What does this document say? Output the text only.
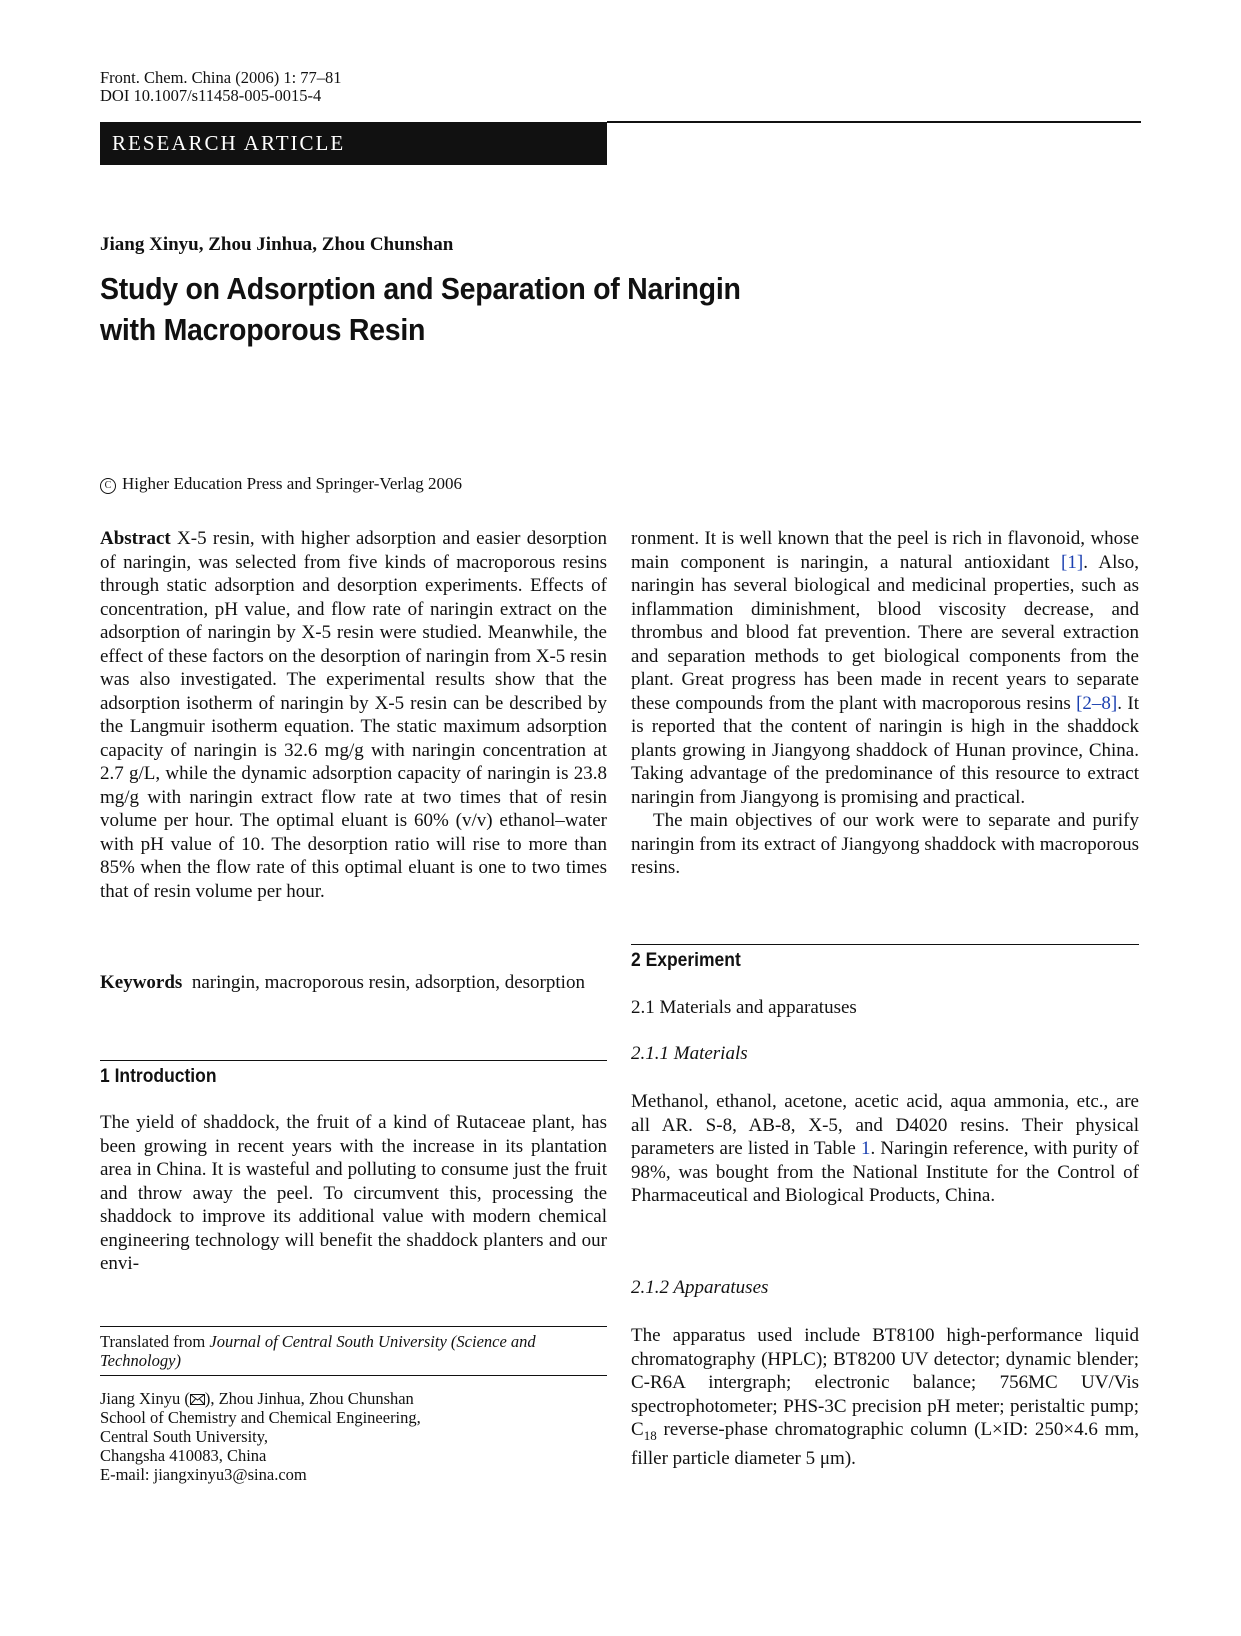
Front. Chem. China (2006) 1: 77–81
DOI 10.1007/s11458-005-0015-4
RESEARCH ARTICLE
Jiang Xinyu, Zhou Jinhua, Zhou Chunshan
Study on Adsorption and Separation of Naringin
with Macroporous Resin
C Higher Education Press and Springer-Verlag 2006

Abstract X-5 resin, with higher adsorption and easier desorption of naringin, was selected from five kinds of macroporous resins through static adsorption and desorption experiments. Effects of concentration, pH value, and flow rate of naringin extract on the adsorption of naringin by X-5 resin were studied. Meanwhile, the effect of these factors on the desorption of naringin from X-5 resin was also investigated. The experimental results show that the adsorption isotherm of naringin by X-5 resin can be described by the Langmuir isotherm equation. The static maximum adsorption capacity of naringin is 32.6 mg/g with naringin concentration at 2.7 g/L, while the dynamic adsorption capacity of naringin is 23.8 mg/g with naringin extract flow rate at two times that of resin volume per hour. The optimal eluant is 60% (v/v) ethanol–water with pH value of 10. The desorption ratio will rise to more than 85% when the flow rate of this optimal eluant is one to two times that of resin volume per hour.

Keywords naringin, macroporous resin, adsorption, desorption

1 Introduction

The yield of shaddock, the fruit of a kind of Rutaceae plant, has been growing in recent years with the increase in its plantation area in China. It is wasteful and polluting to consume just the fruit and throw away the peel. To circumvent this, processing the shaddock to improve its additional value with modern chemical engineering technology will benefit the shaddock planters and our envi-

Translated from Journal of Central South University (Science and Technology)
Jiang Xinyu ( ), Zhou Jinhua, Zhou Chunshan
School of Chemistry and Chemical Engineering,
Central South University,
Changsha 410083, China
E-mail: jiangxinyu3@sina.com

ronment. It is well known that the peel is rich in flavonoid, whose main component is naringin, a natural antioxidant [1]. Also, naringin has several biological and medicinal properties, such as inflammation diminishment, blood viscosity decrease, and thrombus and blood fat prevention. There are several extraction and separation methods to get biological components from the plant. Great progress has been made in recent years to separate these compounds from the plant with macroporous resins [2–8]. It is reported that the content of naringin is high in the shaddock plants growing in Jiangyong shaddock of Hunan province, China. Taking advantage of the predominance of this resource to extract naringin from Jiangyong is promising and practical.

The main objectives of our work were to separate and purify naringin from its extract of Jiangyong shaddock with macroporous resins.

2 Experiment
2.1 Materials and apparatuses
2.1.1 Materials

Methanol, ethanol, acetone, acetic acid, aqua ammonia, etc., are all AR. S-8, AB-8, X-5, and D4020 resins. Their physical parameters are listed in Table 1. Naringin reference, with purity of 98%, was bought from the National Institute for the Control of Pharmaceutical and Biological Products, China.

2.1.2 Apparatuses

The apparatus used include BT8100 high-performance liquid chromatography (HPLC); BT8200 UV detector; dynamic blender; C-R6A intergraph; electronic balance; 756MC UV/Vis spectrophotometer; PHS-3C precision pH meter; peristaltic pump; $C_{18}$ reverse-phase chromatographic column (L×ID: 250×4.6 mm, filler particle diameter 5 μm).
